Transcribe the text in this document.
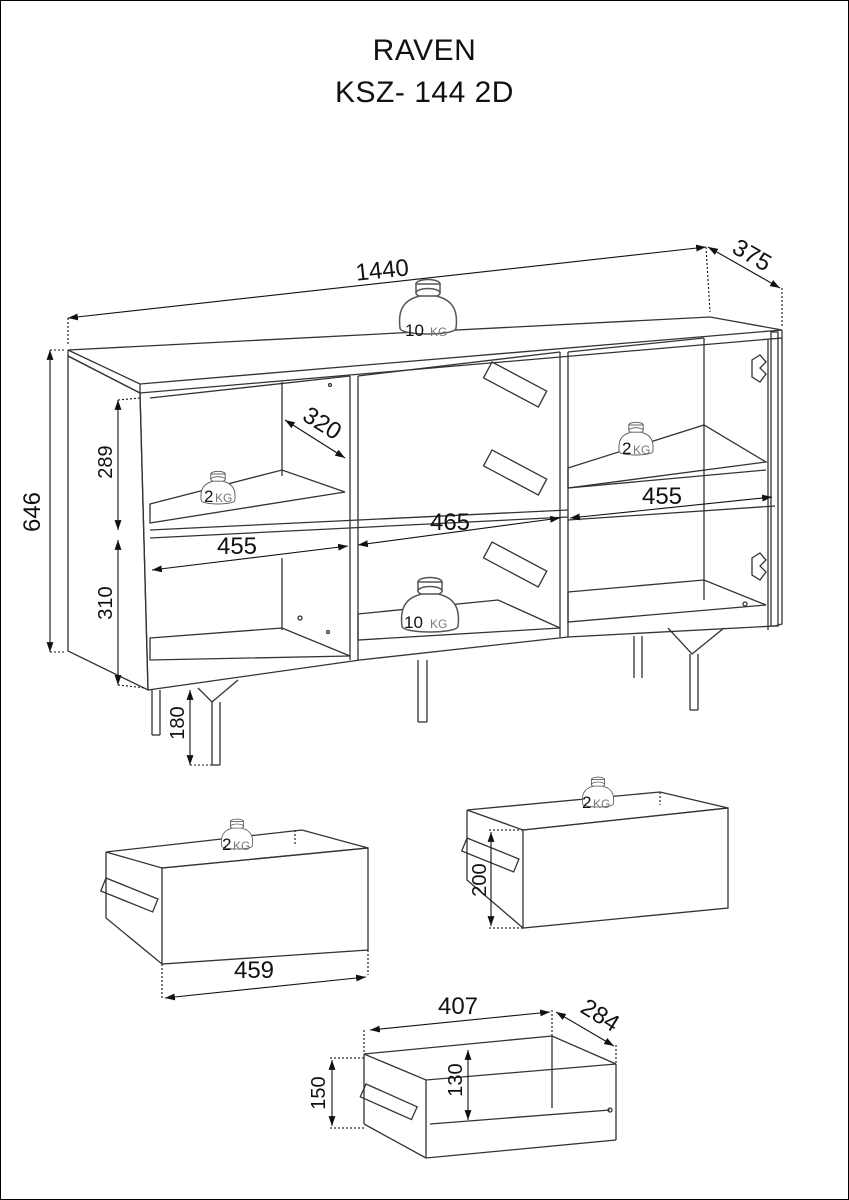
RAVEN
KSZ- 144 2D
1440	375
646
289
310
180
320
455
465
455
10 KG
2 KG
2 KG
10 KG
459
2 KG
200
2 KG
407	284
150	130
